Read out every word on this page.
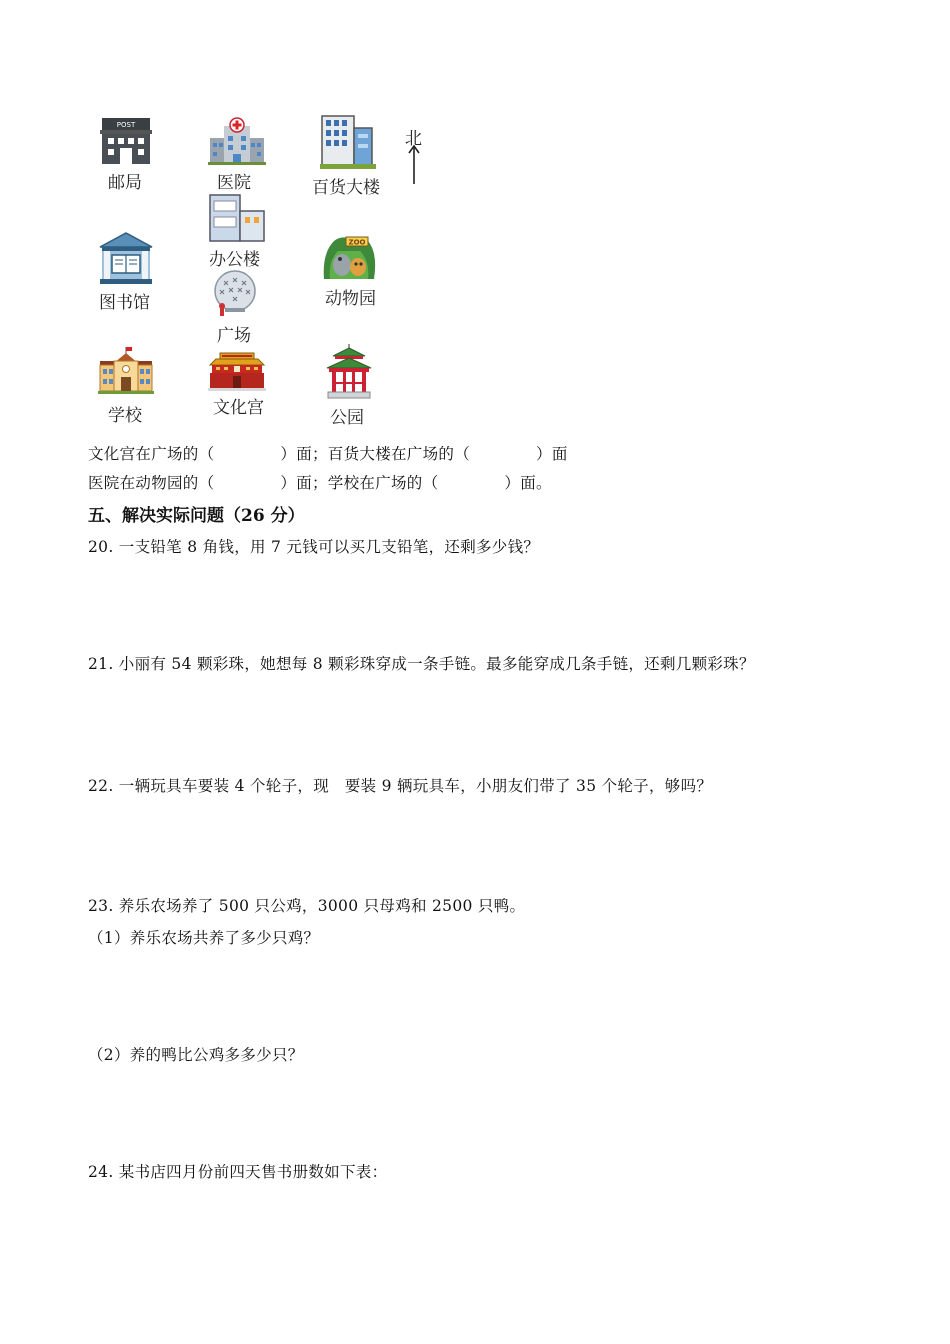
POST
邮局	医院	百货大楼
北
办公楼
图书馆
广场
ZOO
动物园
学校	文化宫	公园
文化宫在广场的（	）面；百货大楼在广场的（	）面
医院在动物园的（	）面；学校在广场的（	）面。
五、解决实际问题（26 分）
20. 一支铅笔 8 角钱，用 7 元钱可以买几支铅笔，还剩多少钱？
21. 小丽有 54 颗彩珠，她想每 8 颗彩珠穿成一条手链。最多能穿成几条手链，还剩几颗彩珠？
22. 一辆玩具车要装 4 个轮子，现　要装 9 辆玩具车，小朋友们带了 35 个轮子，够吗？
23. 养乐农场养了 500 只公鸡，3000 只母鸡和 2500 只鸭。
（1）养乐农场共养了多少只鸡？
（2）养的鸭比公鸡多多少只？
24. 某书店四月份前四天售书册数如下表：
